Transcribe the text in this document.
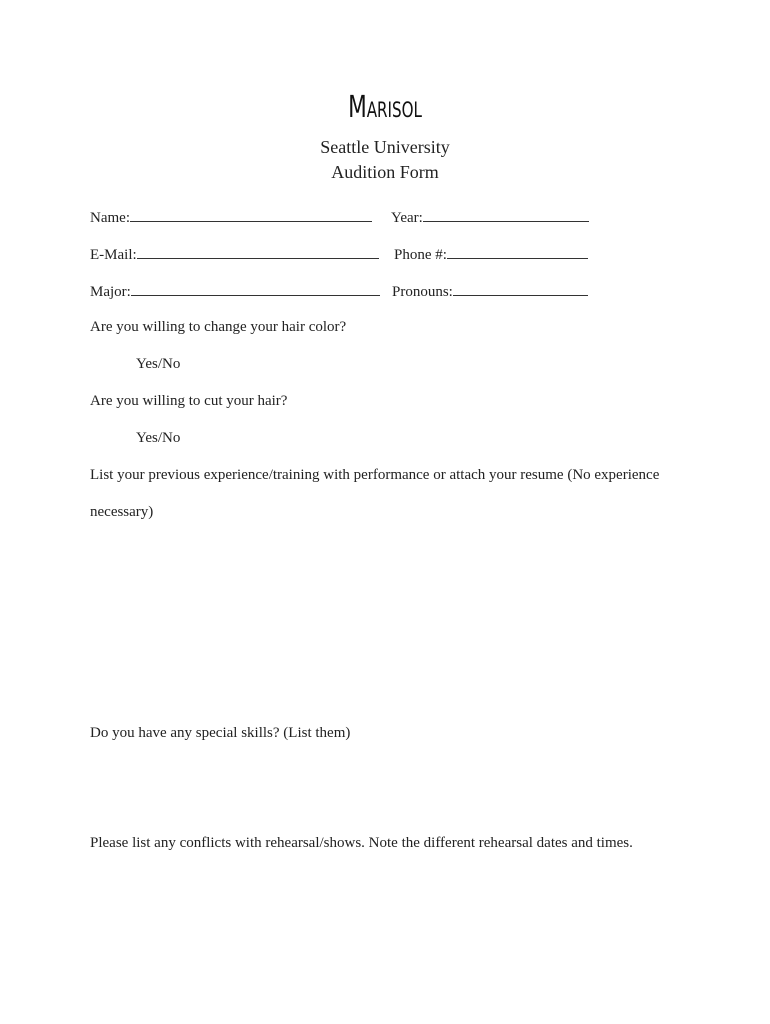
Marisol
Seattle University
Audition Form
Name:	Year:
E-Mail:	Phone #:
Major:	Pronouns:
Are you willing to change your hair color?
Yes/No
Are you willing to cut your hair?
Yes/No
List your previous experience/training with performance or attach your resume (No experience
necessary)
Do you have any special skills? (List them)
Please list any conflicts with rehearsal/shows. Note the different rehearsal dates and times.
